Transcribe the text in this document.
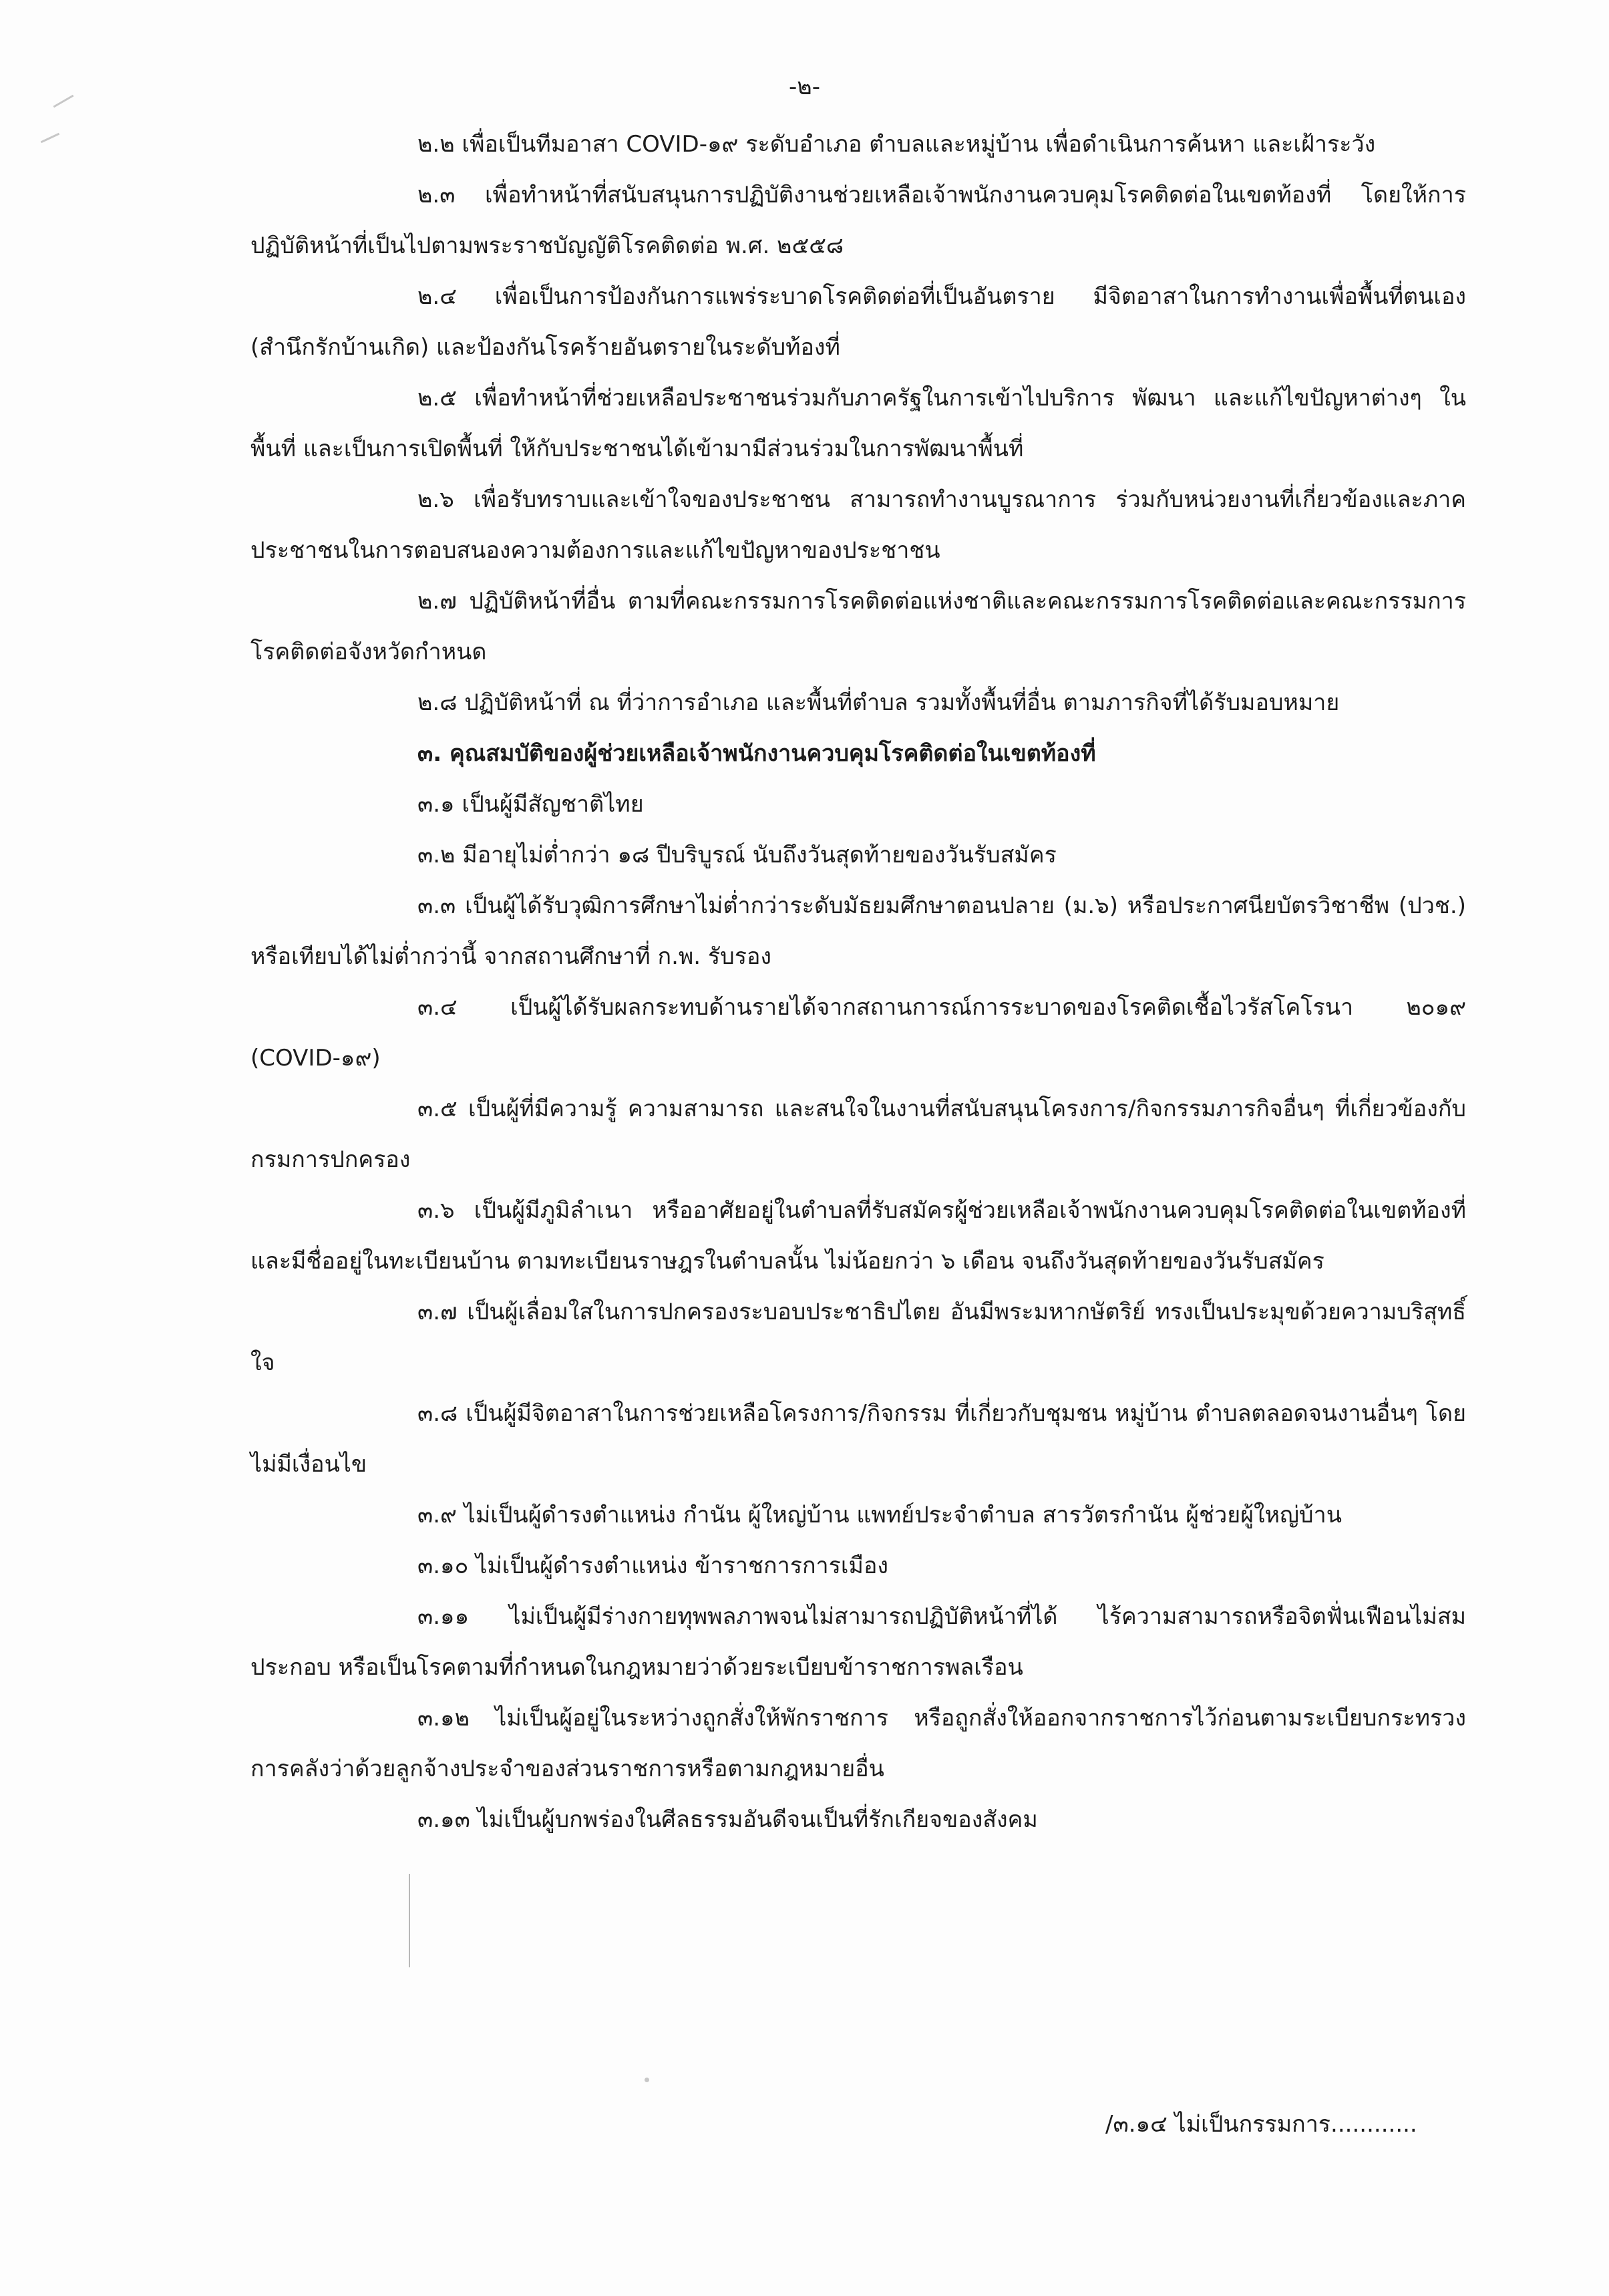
-๒-

๒.๒ เพื่อเป็นทีมอาสา COVID-๑๙ ระดับอำเภอ ตำบลและหมู่บ้าน เพื่อดำเนินการค้นหา และเฝ้าระวัง

๒.๓ เพื่อทำหน้าที่สนับสนุนการปฏิบัติงานช่วยเหลือเจ้าพนักงานควบคุมโรคติดต่อในเขตท้องที่ โดยให้การปฏิบัติหน้าที่เป็นไปตามพระราชบัญญัติโรคติดต่อ พ.ศ. ๒๕๕๘

๒.๔ เพื่อเป็นการป้องกันการแพร่ระบาดโรคติดต่อที่เป็นอันตราย มีจิตอาสาในการทำงานเพื่อพื้นที่ตนเอง (สำนึกรักบ้านเกิด) และป้องกันโรคร้ายอันตรายในระดับท้องที่

๒.๕ เพื่อทำหน้าที่ช่วยเหลือประชาชนร่วมกับภาครัฐในการเข้าไปบริการ พัฒนา และแก้ไขปัญหาต่างๆ ในพื้นที่ และเป็นการเปิดพื้นที่ ให้กับประชาชนได้เข้ามามีส่วนร่วมในการพัฒนาพื้นที่

๒.๖ เพื่อรับทราบและเข้าใจของประชาชน สามารถทำงานบูรณาการ ร่วมกับหน่วยงานที่เกี่ยวข้องและภาคประชาชนในการตอบสนองความต้องการและแก้ไขปัญหาของประชาชน

๒.๗ ปฏิบัติหน้าที่อื่น ตามที่คณะกรรมการโรคติดต่อแห่งชาติและคณะกรรมการโรคติดต่อและคณะกรรมการโรคติดต่อจังหวัดกำหนด

๒.๘ ปฏิบัติหน้าที่ ณ ที่ว่าการอำเภอ และพื้นที่ตำบล รวมทั้งพื้นที่อื่น ตามภารกิจที่ได้รับมอบหมาย

๓. คุณสมบัติของผู้ช่วยเหลือเจ้าพนักงานควบคุมโรคติดต่อในเขตท้องที่

๓.๑ เป็นผู้มีสัญชาติไทย

๓.๒ มีอายุไม่ต่ำกว่า ๑๘ ปีบริบูรณ์ นับถึงวันสุดท้ายของวันรับสมัคร

๓.๓ เป็นผู้ได้รับวุฒิการศึกษาไม่ต่ำกว่าระดับมัธยมศึกษาตอนปลาย (ม.๖) หรือประกาศนียบัตรวิชาชีพ (ปวช.) หรือเทียบได้ไม่ต่ำกว่านี้ จากสถานศึกษาที่ ก.พ. รับรอง

๓.๔ เป็นผู้ได้รับผลกระทบด้านรายได้จากสถานการณ์การระบาดของโรคติดเชื้อไวรัสโคโรนา ๒๐๑๙ (COVID-๑๙)

๓.๕ เป็นผู้ที่มีความรู้ ความสามารถ และสนใจในงานที่สนับสนุนโครงการ/กิจกรรมภารกิจอื่นๆ ที่เกี่ยวข้องกับกรมการปกครอง

๓.๖ เป็นผู้มีภูมิลำเนา หรืออาศัยอยู่ในตำบลที่รับสมัครผู้ช่วยเหลือเจ้าพนักงานควบคุมโรคติดต่อในเขตท้องที่ และมีชื่ออยู่ในทะเบียนบ้าน ตามทะเบียนราษฎรในตำบลนั้น ไม่น้อยกว่า ๖ เดือน จนถึงวันสุดท้ายของวันรับสมัคร

๓.๗ เป็นผู้เลื่อมใสในการปกครองระบอบประชาธิปไตย อันมีพระมหากษัตริย์ ทรงเป็นประมุขด้วยความบริสุทธิ์ใจ

๓.๘ เป็นผู้มีจิตอาสาในการช่วยเหลือโครงการ/กิจกรรม ที่เกี่ยวกับชุมชน หมู่บ้าน ตำบลตลอดจนงานอื่นๆ โดยไม่มีเงื่อนไข

๓.๙ ไม่เป็นผู้ดำรงตำแหน่ง กำนัน ผู้ใหญ่บ้าน แพทย์ประจำตำบล สารวัตรกำนัน ผู้ช่วยผู้ใหญ่บ้าน

๓.๑๐ ไม่เป็นผู้ดำรงตำแหน่ง ข้าราชการการเมือง

๓.๑๑ ไม่เป็นผู้มีร่างกายทุพพลภาพจนไม่สามารถปฏิบัติหน้าที่ได้ ไร้ความสามารถหรือจิตฟั่นเฟือนไม่สมประกอบ หรือเป็นโรคตามที่กำหนดในกฎหมายว่าด้วยระเบียบข้าราชการพลเรือน

๓.๑๒ ไม่เป็นผู้อยู่ในระหว่างถูกสั่งให้พักราชการ หรือถูกสั่งให้ออกจากราชการไว้ก่อนตามระเบียบกระทรวงการคลังว่าด้วยลูกจ้างประจำของส่วนราชการหรือตามกฎหมายอื่น

๓.๑๓ ไม่เป็นผู้บกพร่องในศีลธรรมอันดีจนเป็นที่รักเกียจของสังคม

/๓.๑๔ ไม่เป็นกรรมการ............
